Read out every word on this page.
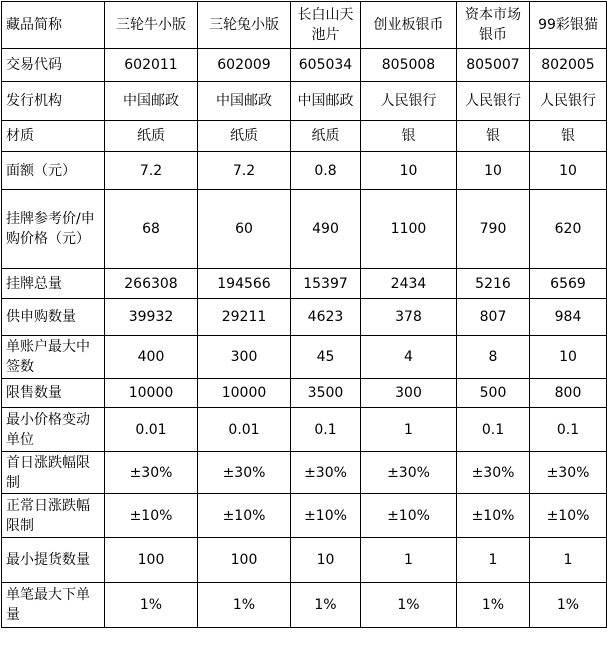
藏品简称	三轮牛小版	三轮兔小版	长白山天池片	创业板银币	资本市场银币	99彩银猫
交易代码	602011	602009	605034	805008	805007	802005
发行机构	中国邮政	中国邮政	中国邮政	人民银行	人民银行	人民银行
材质	纸质	纸质	纸质	银	银	银
面额（元）	7.2	7.2	0.8	10	10	10
挂牌参考价/申购价格（元）	68	60	490	1100	790	620
挂牌总量	266308	194566	15397	2434	5216	6569
供申购数量	39932	29211	4623	378	807	984
单账户最大中签数	400	300	45	4	8	10
限售数量	10000	10000	3500	300	500	800
最小价格变动单位	0.01	0.01	0.1	1	0.1	0.1
首日涨跌幅限制	±30%	±30%	±30%	±30%	±30%	±30%
正常日涨跌幅限制	±10%	±10%	±10%	±10%	±10%	±10%
最小提货数量	100	100	10	1	1	1
单笔最大下单量	1%	1%	1%	1%	1%	1%
